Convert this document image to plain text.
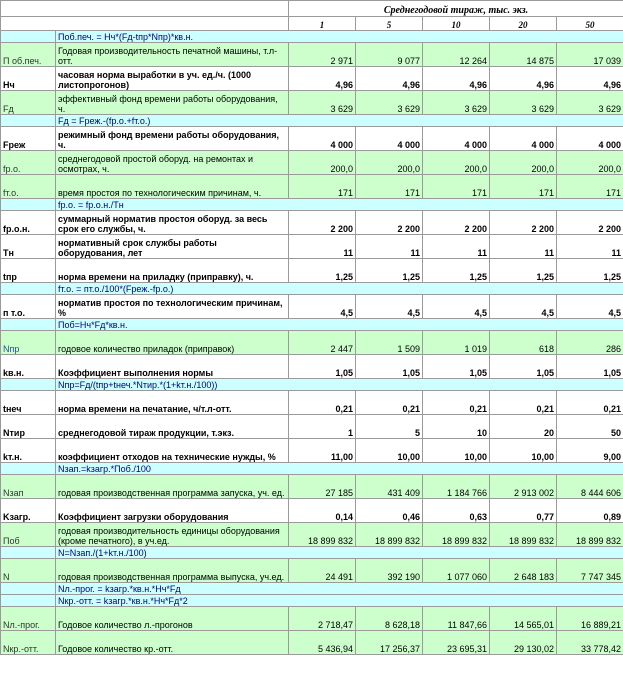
		Среднегодовой тираж, тыс. экз.				
		1	5	10	20	50
	Поб.печ. = Нч*(Fд-tпр*Nпр)*кв.н.					
П об.печ.	Годовая производительность печатной машины, т.л-отт.	2 971	9 077	12 264	14 875	17 039
Нч	часовая норма выработки в уч. ед./ч. (1000 листопрогонов)	4,96	4,96	4,96	4,96	4,96
Fд	эффективный фонд времени работы оборудования, ч.	3 629	3 629	3 629	3 629	3 629
	Fд = Fреж.-(fр.о.+fт.о.)					
Fреж	режимный фонд времени работы оборудования, ч.	4 000	4 000	4 000	4 000	4 000
fр.о.	среднегодовой простой оборуд. на ремонтах и осмотрах, ч.	200,0	200,0	200,0	200,0	200,0
fт.о.	время простоя по технологическим причинам, ч.	171	171	171	171	171
	fр.о. = fр.о.н./Тн					
fр.о.н.	суммарный норматив простоя оборуд. за весь срок его службы, ч.	2 200	2 200	2 200	2 200	2 200
Тн	нормативный срок службы работы оборудования, лет	11	11	11	11	11
tпр	норма времени на приладку (приправку), ч.	1,25	1,25	1,25	1,25	1,25
	fт.о. = пт.о./100*(Fреж.-fр.о.)					
п т.о.	норматив простоя по технологическим причинам, %	4,5	4,5	4,5	4,5	4,5
	Поб=Нч*Fд*кв.н.					
Nпр	годовое количество приладок (приправок)	2 447	1 509	1 019	618	286
kв.н.	Коэффициент выполнения нормы	1,05	1,05	1,05	1,05	1,05
	Nпр=Fд/(tпр+tнеч.*Nтир.*(1+kт.н./100))					
tнеч	норма времени на печатание, ч/т.л-отт.	0,21	0,21	0,21	0,21	0,21
Nтир	среднегодовой тираж продукции, т.экз.	1	5	10	20	50
kт.н.	коэффициент отходов на технические нужды, %	11,00	10,00	10,00	10,00	9,00
	Nзап.=kзагр.*Поб./100					
Nзап	годовая производственная программа запуска, уч. ед.	27 185	431 409	1 184 766	2 913 002	8 444 606
Kзагр.	Коэффициент загрузки оборудования	0,14	0,46	0,63	0,77	0,89
Поб	годовая производительность единицы оборудования (кроме печатного), в уч.ед.	18 899 832	18 899 832	18 899 832	18 899 832	18 899 832
	N=Nзап./(1+kт.н./100)					
N	годовая производственная программа выпуска, уч.ед.	24 491	392 190	1 077 060	2 648 183	7 747 345
	Nл.-прог. = kзагр.*кв.н.*Нч*Fд					
	Nкр.-отт. = kзагр.*кв.н.*Нч*Fд*2					
Nл.-прог.	Годовое количество л.-прогонов	2 718,47	8 628,18	11 847,66	14 565,01	16 889,21
Nкр.-отт.	Годовое количество кр.-отт.	5 436,94	17 256,37	23 695,31	29 130,02	33 778,42
